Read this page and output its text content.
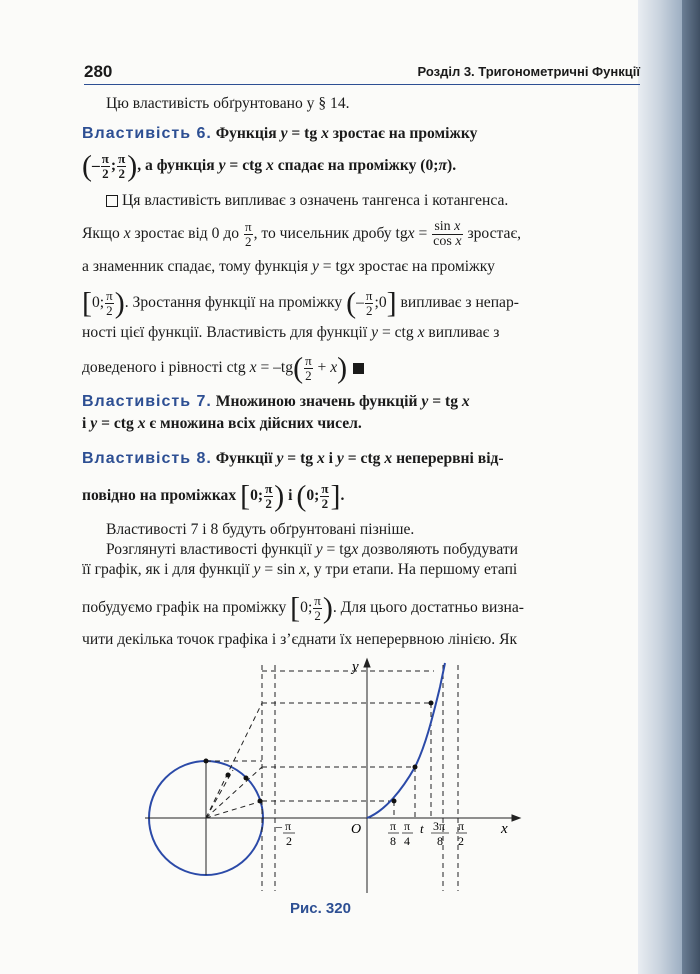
280	Розділ 3. Тригонометричні Функції
Цю властивість обґрунтовано у § 14.
Властивість 6. Функція y = tg x зростає на проміжку
(– $\frac{\pi}{2}$ ; $\frac{\pi}{2}$ ), а функція y = ctg x спадає на проміжку (0;π).
Ця властивість випливає з означень тангенса і котангенса.
Якщо x зростає від 0 до $\frac{\pi}{2}$ , то чисельник дробу tgx = $\frac{\text{sin x}}{\text{cos x}}$ зростає,
а знаменник спадає, тому функція y = tgx зростає на проміжку
[0; $\frac{\pi}{2}$ ). Зростання функції на проміжку (– $\frac{\pi}{2}$ ;0] випливає з непар-
ності цієї функції. Властивість для функції y = ctg x випливає з
доведеного і рівності ctg $x = -tg( \frac{\pi}{2} + x)$
Властивість 7. Множиною значень функцій y = tg x
і y = ctg x є множина всіх дійсних чисел.
Властивість 8. Функції y = tg x і y = ctg x неперервні від-
повідно на проміжках [0; $\frac{\pi}{2}$ ) і (0; $\frac{\pi}{2}$ ].
Властивості 7 і 8 будуть обґрунтовані пізніше.
Розглянуті властивості функції y = tgx дозволяють побудувати
її графік, як і для функції y = sin x, у три етапи. На першому етапі
побудуємо графік на проміжку [0; $\frac{\pi}{2}$ ). Для цього достатньо визна-
чити декілька точок графіка і з’єднати їх неперервною лінією. Як
y
x
O
– π
2
π
8
π
4
t 3π
8
π
2
Рис. 320
